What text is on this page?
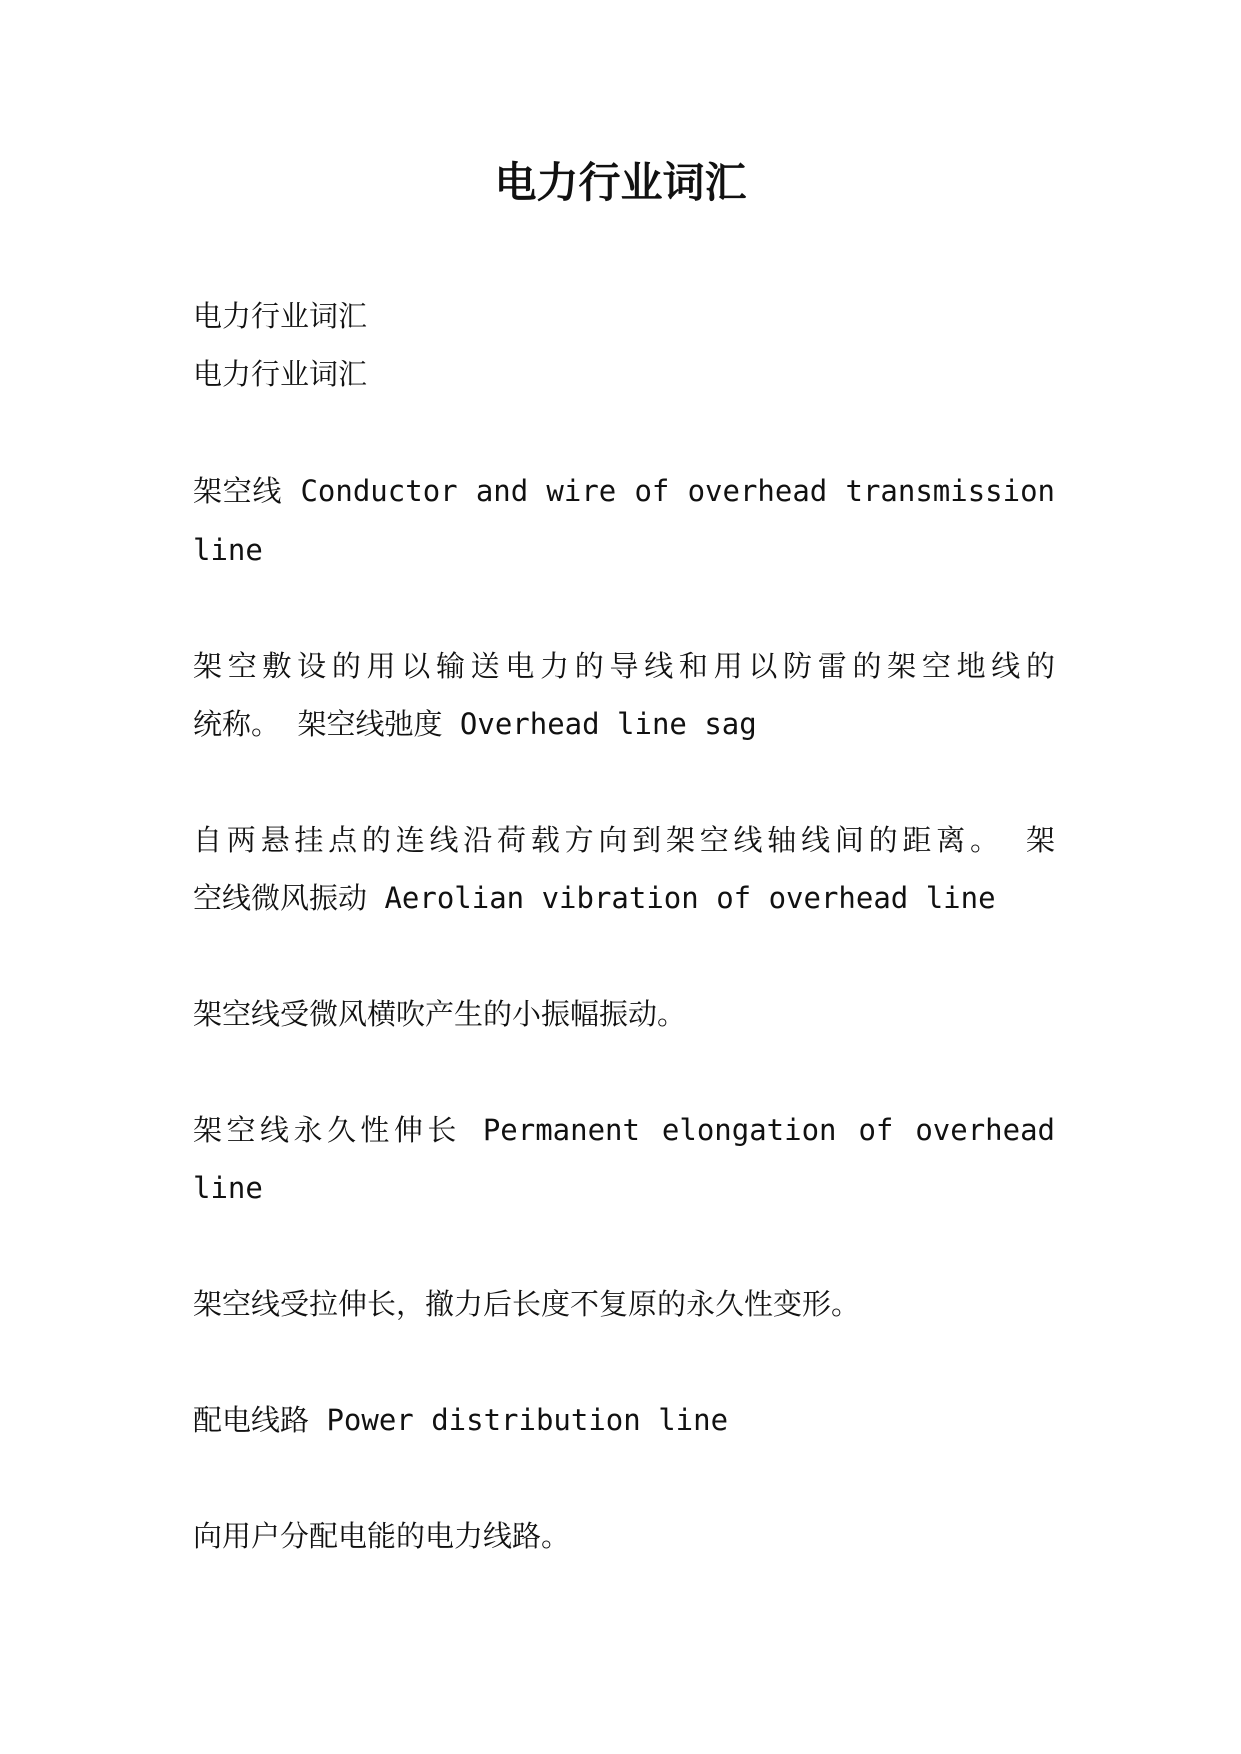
电力行业词汇
电力行业词汇
电力行业词汇
架空线 Conductor and wire of overhead transmission
line
架空敷设的用以输送电力的导线和用以防雷的架空地线的
统称。 架空线弛度 Overhead line sag
自两悬挂点的连线沿荷载方向到架空线轴线间的距离。 架
空线微风振动 Aerolian vibration of overhead line
架空线受微风横吹产生的小振幅振动。
架空线永久性伸长 Permanent elongation of overhead
line
架空线受拉伸长，撤力后长度不复原的永久性变形。
配电线路 Power distribution line
向用户分配电能的电力线路。
